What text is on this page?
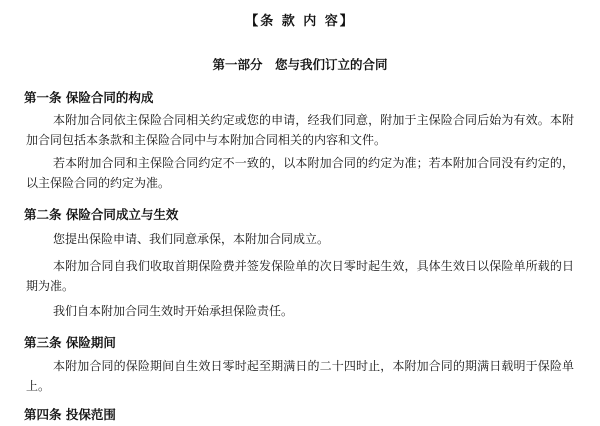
【条 款 内 容】
第一部分　您与我们订立的合同
第一条 保险合同的构成
本附加合同依主保险合同相关约定或您的申请，经我们同意，附加于主保险合同后始为有效。本附加合同包括本条款和主保险合同中与本附加合同相关的内容和文件。
若本附加合同和主保险合同约定不一致的，以本附加合同的约定为准；若本附加合同没有约定的，以主保险合同的约定为准。
第二条 保险合同成立与生效
您提出保险申请、我们同意承保，本附加合同成立。
本附加合同自我们收取首期保险费并签发保险单的次日零时起生效，具体生效日以保险单所载的日期为准。
我们自本附加合同生效时开始承担保险责任。
第三条 保险期间
本附加合同的保险期间自生效日零时起至期满日的二十四时止，本附加合同的期满日载明于保险单上。
第四条 投保范围
